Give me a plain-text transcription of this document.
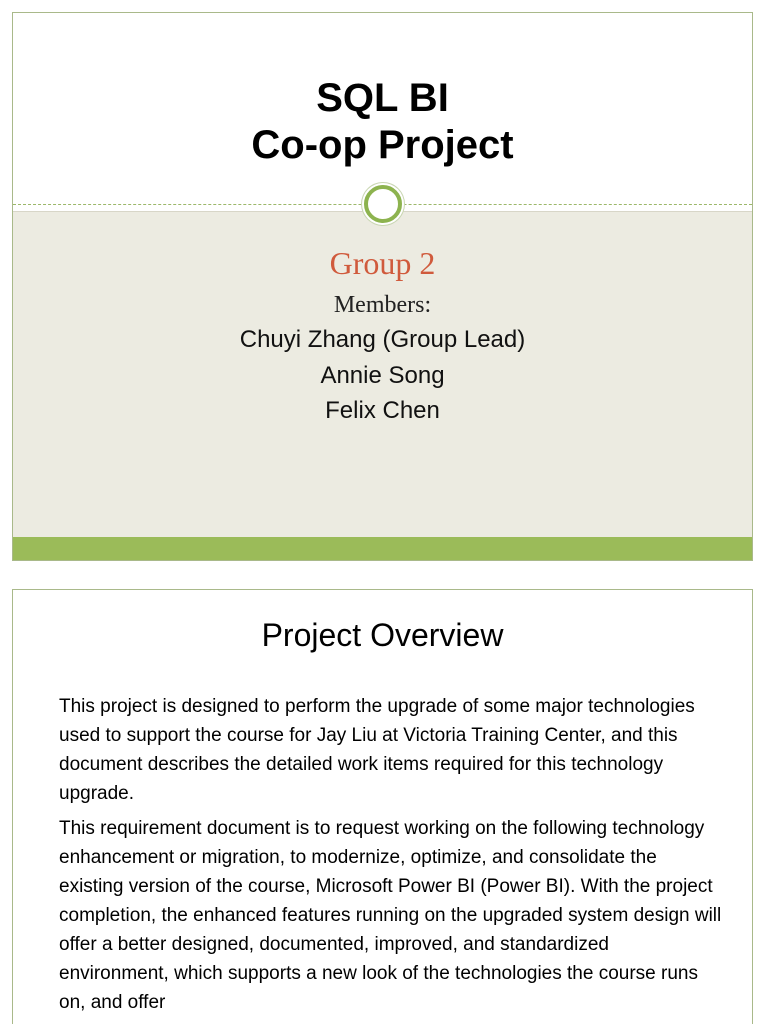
SQL BI
Co-op Project
Group 2
Members:
Chuyi Zhang (Group Lead)
Annie Song
Felix Chen
Project Overview

This project is designed to perform the upgrade of some major technologies used to support the course for Jay Liu at Victoria Training Center, and this document describes the detailed work items required for this technology upgrade.

This requirement document is to request working on the following technology enhancement or migration, to modernize, optimize, and consolidate the existing version of the course, Microsoft Power BI (Power BI). With the project completion, the enhanced features running on the upgraded system design will offer a better designed, documented, improved, and standardized environment, which supports a new look of the technologies the course runs on, and offer
